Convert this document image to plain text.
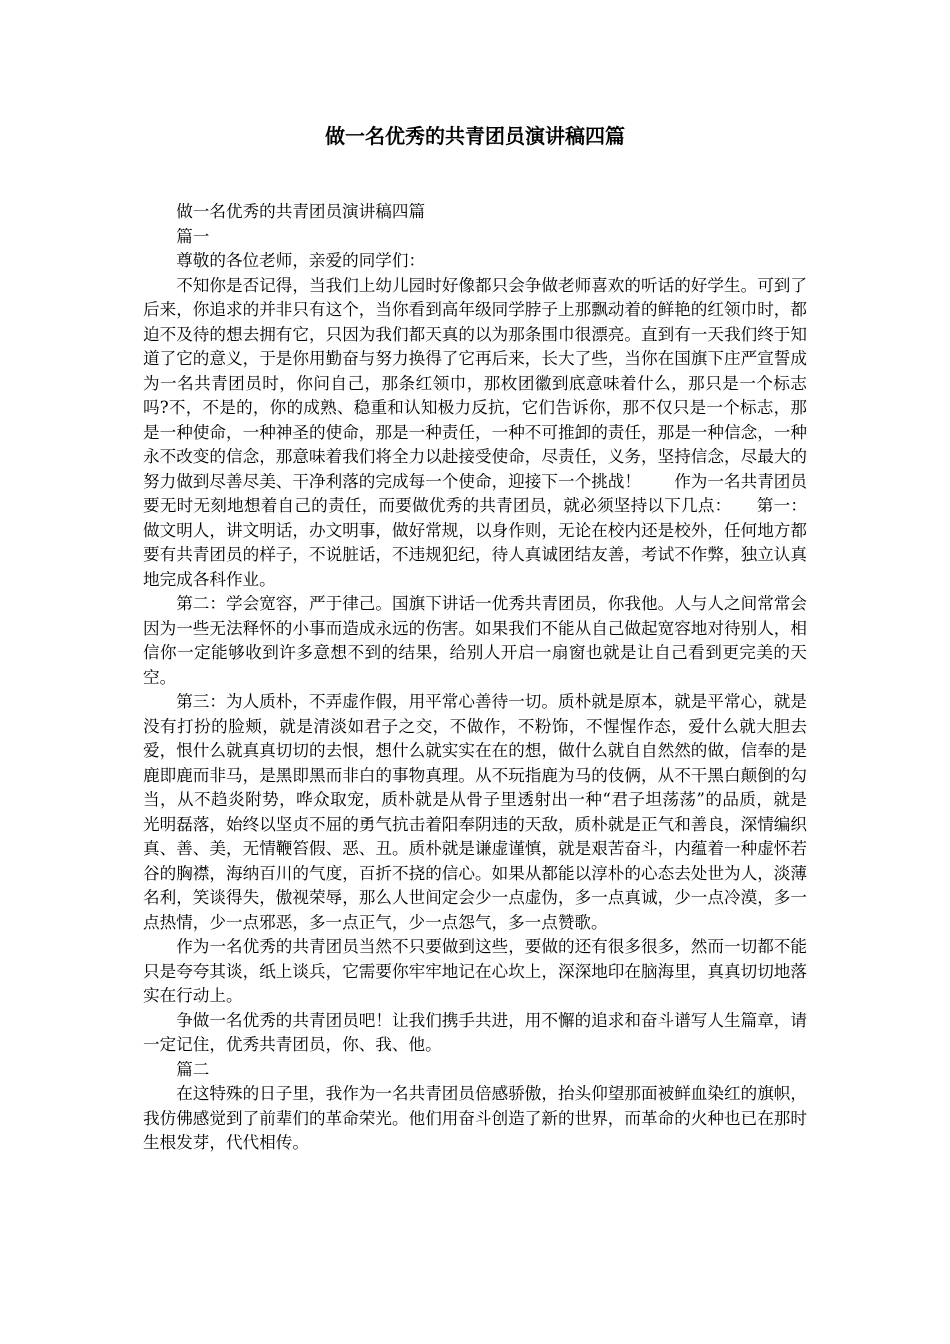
做一名优秀的共青团员演讲稿四篇

做一名优秀的共青团员演讲稿四篇

篇一

尊敬的各位老师，亲爱的同学们：

不知你是否记得，当我们上幼儿园时好像都只会争做老师喜欢的听话的好学生。可到了后来，你追求的并非只有这个，当你看到高年级同学脖子上那飘动着的鲜艳的红领巾时，都迫不及待的想去拥有它，只因为我们都天真的以为那条围巾很漂亮。直到有一天我们终于知道了它的意义，于是你用勤奋与努力换得了它再后来，长大了些，当你在国旗下庄严宣誓成为一名共青团员时，你问自己，那条红领巾，那枚团徽到底意味着什么，那只是一个标志吗?不，不是的，你的成熟、稳重和认知极力反抗，它们告诉你，那不仅只是一个标志，那是一种使命，一种神圣的使命，那是一种责任，一种不可推卸的责任，那是一种信念，一种永不改变的信念，那意味着我们将全力以赴接受使命，尽责任，义务，坚持信念，尽最大的努力做到尽善尽美、干净利落的完成每一个使命，迎接下一个挑战！　　作为一名共青团员要无时无刻地想着自己的责任，而要做优秀的共青团员，就必须坚持以下几点：　　第一：做文明人，讲文明话，办文明事，做好常规，以身作则，无论在校内还是校外，任何地方都要有共青团员的样子，不说脏话，不违规犯纪，待人真诚团结友善，考试不作弊，独立认真地完成各科作业。

第二：学会宽容，严于律己。国旗下讲话一优秀共青团员，你我他。人与人之间常常会因为一些无法释怀的小事而造成永远的伤害。如果我们不能从自己做起宽容地对待别人，相信你一定能够收到许多意想不到的结果，给别人开启一扇窗也就是让自己看到更完美的天空。

第三：为人质朴，不弄虚作假，用平常心善待一切。质朴就是原本，就是平常心，就是没有打扮的脸颊，就是清淡如君子之交，不做作，不粉饰，不惺惺作态，爱什么就大胆去爱，恨什么就真真切切的去恨，想什么就实实在在的想，做什么就自自然然的做，信奉的是鹿即鹿而非马，是黑即黑而非白的事物真理。从不玩指鹿为马的伎俩，从不干黑白颠倒的勾当，从不趋炎附势，哗众取宠，质朴就是从骨子里透射出一种“君子坦荡荡”的品质，就是光明磊落，始终以坚贞不屈的勇气抗击着阳奉阴违的天敌，质朴就是正气和善良，深情编织真、善、美，无情鞭笞假、恶、丑。质朴就是谦虚谨慎，就是艰苦奋斗，内蕴着一种虚怀若谷的胸襟，海纳百川的气度，百折不挠的信心。如果从都能以淳朴的心态去处世为人，淡薄名利，笑谈得失，傲视荣辱，那么人世间定会少一点虚伪，多一点真诚，少一点冷漠，多一点热情，少一点邪恶，多一点正气，少一点怨气，多一点赞歌。

作为一名优秀的共青团员当然不只要做到这些，要做的还有很多很多，然而一切都不能只是夸夸其谈，纸上谈兵，它需要你牢牢地记在心坎上，深深地印在脑海里，真真切切地落实在行动上。

争做一名优秀的共青团员吧！让我们携手共进，用不懈的追求和奋斗谱写人生篇章，请一定记住，优秀共青团员，你、我、他。

篇二

在这特殊的日子里，我作为一名共青团员倍感骄傲，抬头仰望那面被鲜血染红的旗帜，我仿佛感觉到了前辈们的革命荣光。他们用奋斗创造了新的世界，而革命的火种也已在那时生根发芽，代代相传。
